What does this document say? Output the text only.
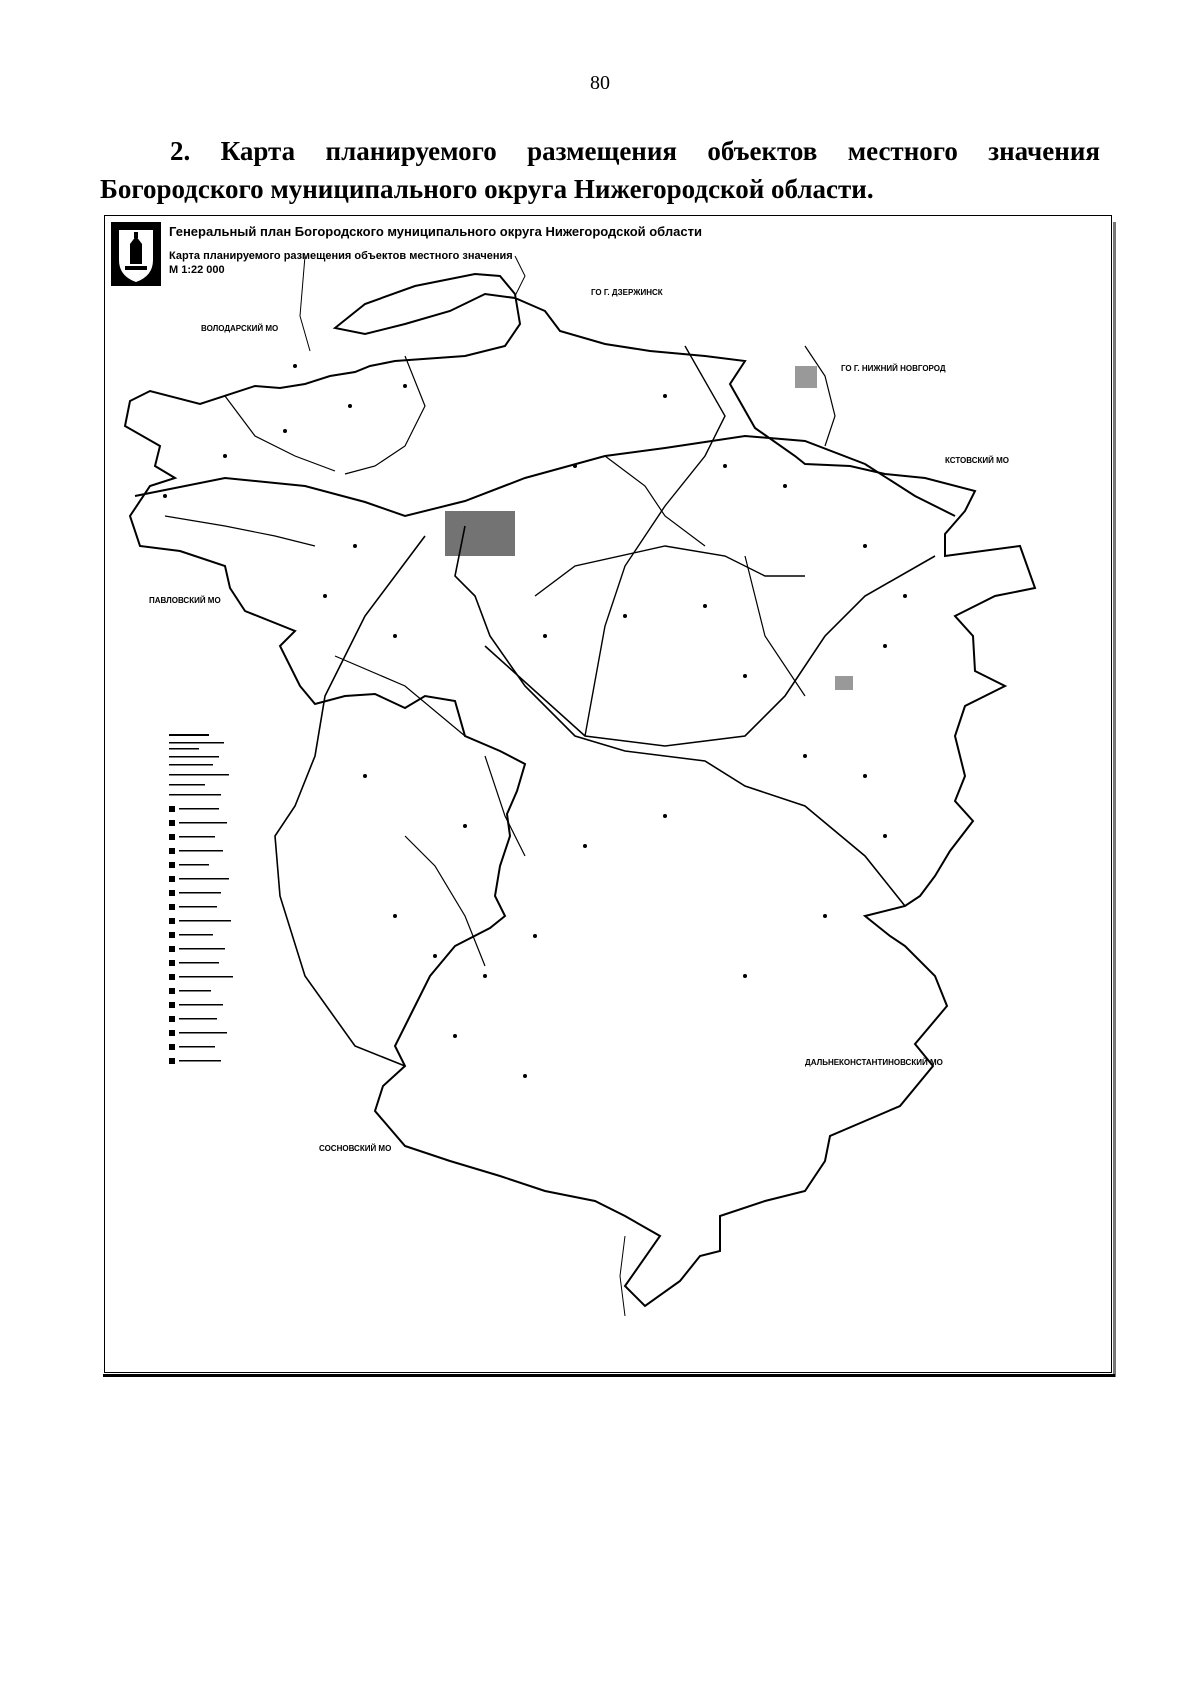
80
2. Карта планируемого размещения объектов местного значения
Богородского муниципального округа Нижегородской области.
Генеральный план Богородского муниципального округа Нижегородской области
Карта планируемого размещения объектов местного значения
М 1:22 000
ГО Г. ДЗЕРЖИНСК
ВОЛОДАРСКИЙ МО
ГО Г. НИЖНИЙ НОВГОРОД
КСТОВСКИЙ МО
ПАВЛОВСКИЙ МО
ДАЛЬНЕКОНСТАНТИНОВСКИЙ МО
СОСНОВСКИЙ МО
